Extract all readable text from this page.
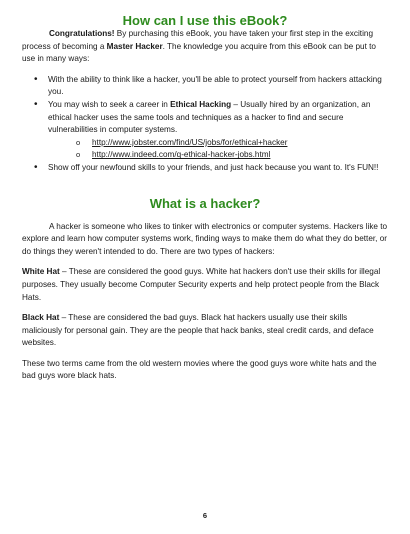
How can I use this eBook?

Congratulations! By purchasing this eBook, you have taken your first step in the exciting process of becoming a Master Hacker. The knowledge you acquire from this eBook can be put to use in many ways:

• With the ability to think like a hacker, you'll be able to protect yourself from hackers attacking you.
• You may wish to seek a career in Ethical Hacking – Usually hired by an organization, an ethical hacker uses the same tools and techniques as a hacker to find and secure vulnerabilities in computer systems.
o http://www.jobster.com/find/US/jobs/for/ethical+hacker
o http://www.indeed.com/q-ethical-hacker-jobs.html
• Show off your newfound skills to your friends, and just hack because you want to. It's FUN!!
What is a hacker?

A hacker is someone who likes to tinker with electronics or computer systems. Hackers like to explore and learn how computer systems work, finding ways to make them do what they do better, or do things they weren't intended to do. There are two types of hackers:

White Hat – These are considered the good guys. White hat hackers don't use their skills for illegal purposes. They usually become Computer Security experts and help protect people from the Black Hats.

Black Hat – These are considered the bad guys. Black hat hackers usually use their skills maliciously for personal gain. They are the people that hack banks, steal credit cards, and deface websites.

These two terms came from the old western movies where the good guys wore white hats and the bad guys wore black hats.

6
